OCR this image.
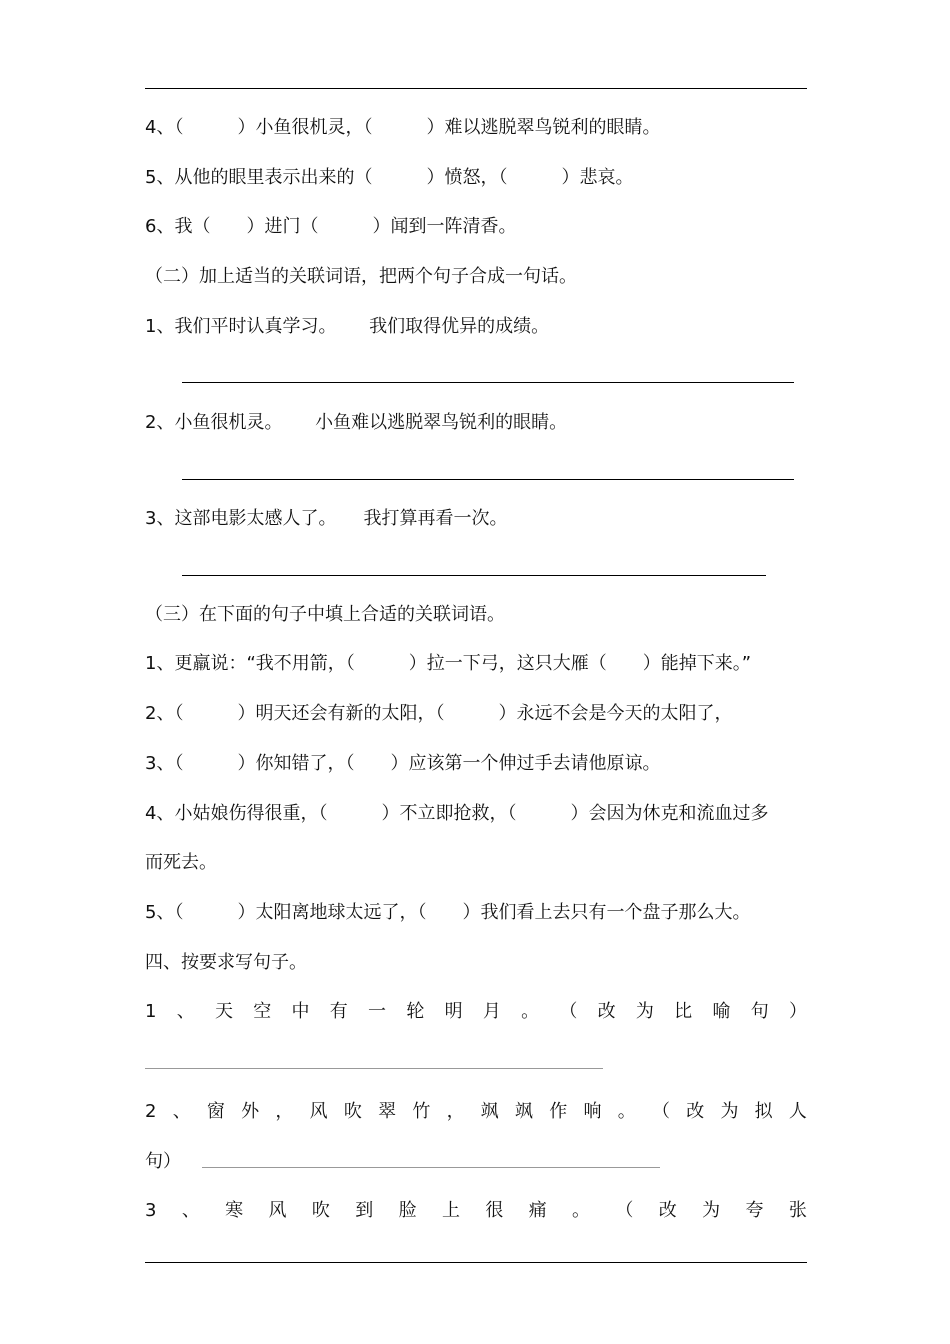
4、（　　　）小鱼很机灵，（　　　）难以逃脱翠鸟锐利的眼睛。
5、从他的眼里表示出来的（　　　）愤怒，（　　　）悲哀。
6、我（　　）进门（　　　）闻到一阵清香。
（二）加上适当的关联词语，把两个句子合成一句话。
1、我们平时认真学习。　　 我们取得优异的成绩。
2、小鱼很机灵。　　 小鱼难以逃脱翠鸟锐利的眼睛。
3、这部电影太感人了。　　我打算再看一次。
（三）在下面的句子中填上合适的关联词语。
1、更羸说：“我不用箭，（　　　）拉一下弓，这只大雁（　　）能掉下来。”
2、（　　　）明天还会有新的太阳，（　　　）永远不会是今天的太阳了，
3、（　　　）你知错了，（　　）应该第一个伸过手去请他原谅。
4、小姑娘伤得很重，（　　　）不立即抢救，（　　　）会因为休克和流血过多
而死去。
5、（　　　）太阳离地球太远了，（　　）我们看上去只有一个盘子那么大。
四、按要求写句子。
1 、 天 空 中 有 一 轮 明 月 。 （ 改 为 比 喻 句 ）
2 、 窗 外 ， 风 吹 翠 竹 ， 飒 飒 作 响 。 （ 改 为 拟 人
句）
3 、 寒 风 吹 到 脸 上 很 痛 。 （ 改 为 夸 张
